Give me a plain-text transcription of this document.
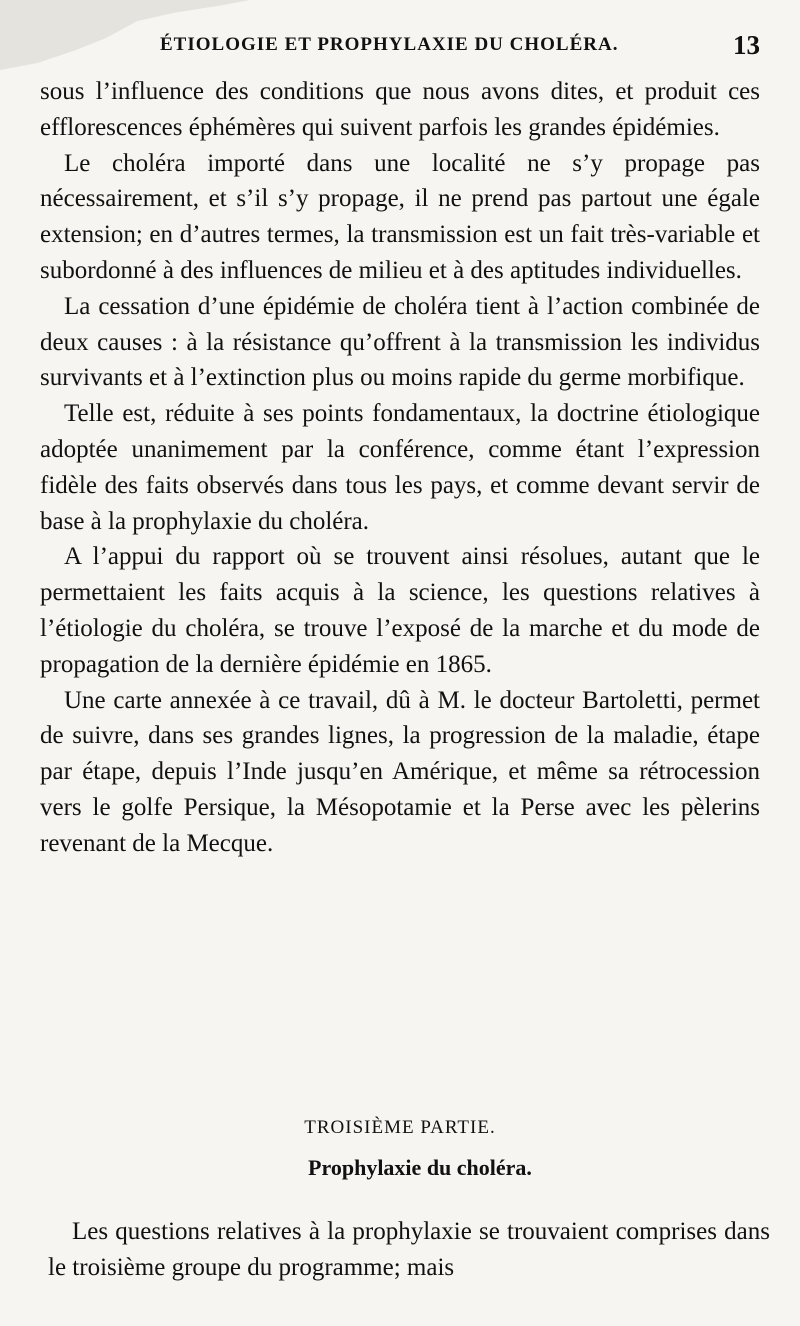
ÉTIOLOGIE ET PROPHYLAXIE DU CHOLÉRA.	13

sous l’influence des conditions que nous avons dites, et produit ces efflorescences éphémères qui suivent parfois les grandes épidémies.

Le choléra importé dans une localité ne s’y propage pas nécessairement, et s’il s’y propage, il ne prend pas partout une égale extension; en d’autres termes, la transmission est un fait très-variable et subordonné à des influences de milieu et à des aptitudes individuelles.

La cessation d’une épidémie de choléra tient à l’action combinée de deux causes : à la résistance qu’offrent à la transmission les individus survivants et à l’extinction plus ou moins rapide du germe morbifique.

Telle est, réduite à ses points fondamentaux, la doctrine étiologique adoptée unanimement par la conférence, comme étant l’expression fidèle des faits observés dans tous les pays, et comme devant servir de base à la prophylaxie du choléra.

A l’appui du rapport où se trouvent ainsi résolues, autant que le permettaient les faits acquis à la science, les questions relatives à l’étiologie du choléra, se trouve l’exposé de la marche et du mode de propagation de la dernière épidémie en 1865.

Une carte annexée à ce travail, dû à M. le docteur Bartoletti, permet de suivre, dans ses grandes lignes, la progression de la maladie, étape par étape, depuis l’Inde jusqu’en Amérique, et même sa rétrocession vers le golfe Persique, la Mésopotamie et la Perse avec les pèlerins revenant de la Mecque.

TROISIÈME PARTIE.
Prophylaxie du choléra.

Les questions relatives à la prophylaxie se trouvaient comprises dans le troisième groupe du programme; mais
